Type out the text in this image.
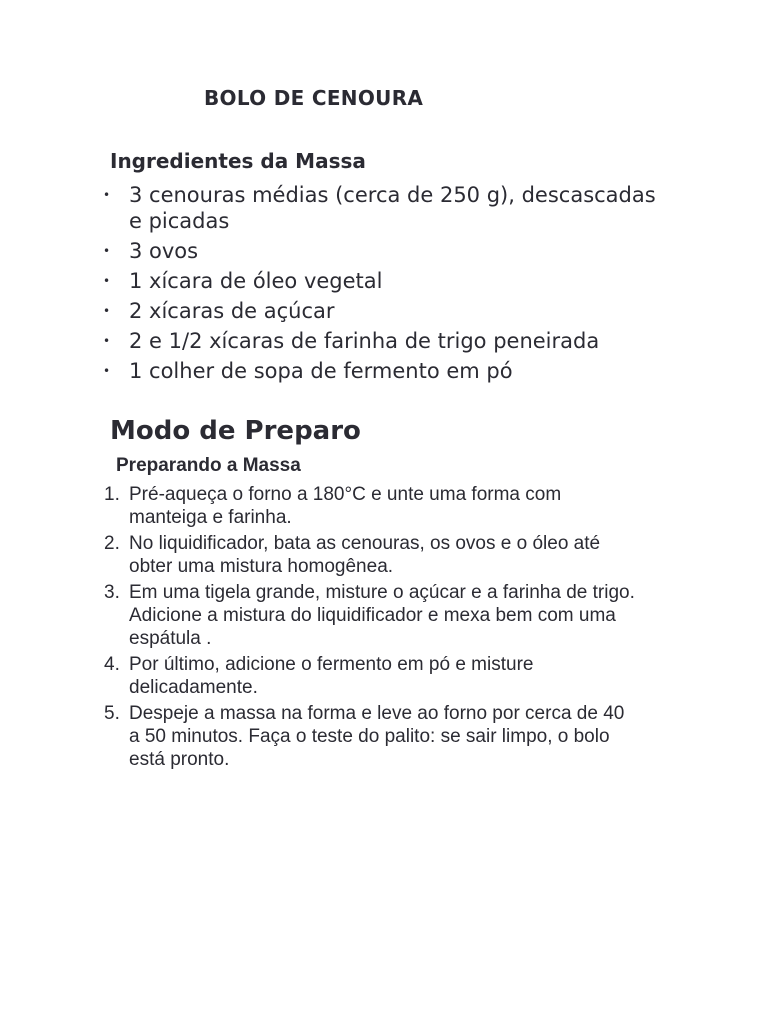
BOLO DE CENOURA
Ingredientes da Massa
• 3 cenouras médias (cerca de 250 g), descascadas e picadas
• 3 ovos
• 1 xícara de óleo vegetal
• 2 xícaras de açúcar
• 2 e 1/2 xícaras de farinha de trigo peneirada
• 1 colher de sopa de fermento em pó
Modo de Preparo
Preparando a Massa
1. Pré-aqueça o forno a 180°C e unte uma forma com manteiga e farinha.
2. No liquidificador, bata as cenouras, os ovos e o óleo até obter uma mistura homogênea.
3. Em uma tigela grande, misture o açúcar e a farinha de trigo. Adicione a mistura do liquidificador e mexa bem com uma espátula .
4. Por último, adicione o fermento em pó e misture delicadamente.
5. Despeje a massa na forma e leve ao forno por cerca de 40 a 50 minutos. Faça o teste do palito: se sair limpo, o bolo está pronto.
